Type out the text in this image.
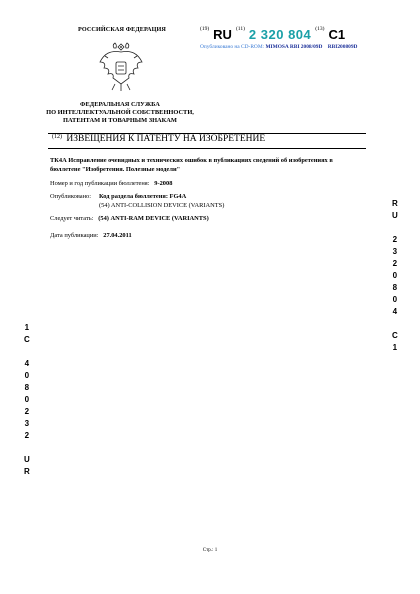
РОССИЙСКАЯ ФЕДЕРАЦИЯ
ФЕДЕРАЛЬНАЯ СЛУЖБА
ПО ИНТЕЛЛЕКТУАЛЬНОЙ СОБСТВЕННОСТИ,
ПАТЕНТАМ И ТОВАРНЫМ ЗНАКАМ
$^{(19)}$ RU $^{(11)}$ 2 320 804 $^{(13)}$ C1
Опубликовано на CD-ROM: MIMOSA RBI 2008/09D RBI200809D
$^{(12)}$ ИЗВЕЩЕНИЯ К ПАТЕНТУ НА ИЗОБРЕТЕНИЕ
ТК4А Исправление очевидных и технических ошибок в публикациях сведений об изобретениях в
бюллетене "Изобретения. Полезные модели"
Номер и год публикации бюллетеня: 9-2008
Опубликовано: Код раздела бюллетеня: FG4A
(54) ANTI-COLLISION DEVICE (VARIANTS)
Следует читать: (54) ANTI-RAM DEVICE (VARIANTS)
Дата публикации: 27.04.2011
R
U
2
3
2
0
8
0
4
C
1
1
C
4
0
8
0
2
3
2
U
R
Стр.: 1
